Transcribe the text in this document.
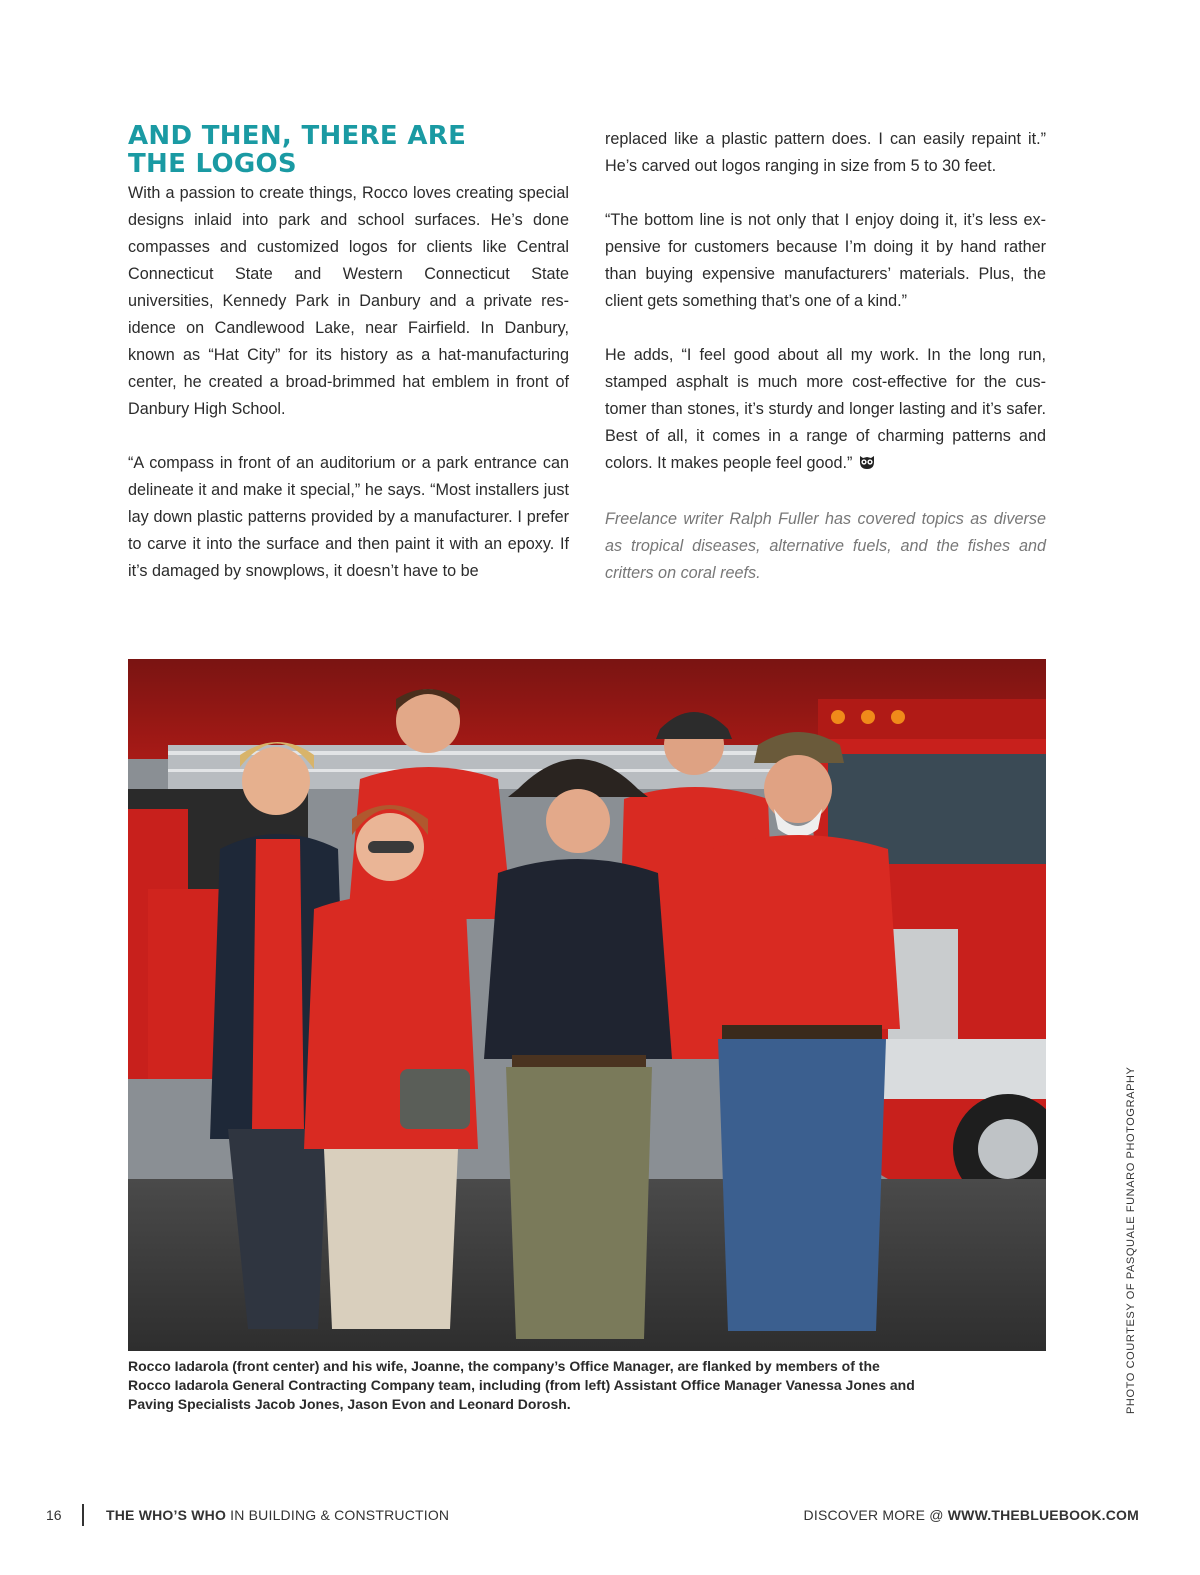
AND THEN, THERE ARE
THE LOGOS

With a passion to create things, Rocco loves creating special designs inlaid into park and school surfaces. He’s done compasses and customized logos for clients like Central Connecticut State and Western Connecticut State universities, Kennedy Park in Danbury and a private res-idence on Candlewood Lake, near Fairfield. In Danbury, known as “Hat City” for its history as a hat-manufacturing center, he created a broad-brimmed hat emblem in front of Danbury High School.

“A compass in front of an auditorium or a park entrance can delineate it and make it special,” he says. “Most installers just lay down plastic patterns provided by a manufacturer. I prefer to carve it into the surface and then paint it with an epoxy. If it’s damaged by snowplows, it doesn’t have to be

replaced like a plastic pattern does. I can easily repaint it.” He’s carved out logos ranging in size from 5 to 30 feet.

“The bottom line is not only that I enjoy doing it, it’s less ex-pensive for customers because I’m doing it by hand rather than buying expensive manufacturers’ materials. Plus, the client gets something that’s one of a kind.”

He adds, “I feel good about all my work. In the long run, stamped asphalt is much more cost-effective for the cus-tomer than stones, it’s sturdy and longer lasting and it’s safer. Best of all, it comes in a range of charming patterns and colors. It makes people feel good.”

Freelance writer Ralph Fuller has covered topics as diverse as tropical diseases, alternative fuels, and the fishes and critters on coral reefs.

Rocco Iadarola (front center) and his wife, Joanne, the company’s Office Manager, are flanked by members of the Rocco Iadarola General Contracting Company team, including (from left) Assistant Office Manager Vanessa Jones and Paving Specialists Jacob Jones, Jason Evon and Leonard Dorosh.	PHOTO COURTESY OF PASQUALE FUNARO PHOTOGRAPHY
16	THE WHO’S WHO IN BUILDING & CONSTRUCTION	DISCOVER MORE @ WWW.THEBLUEBOOK.COM
